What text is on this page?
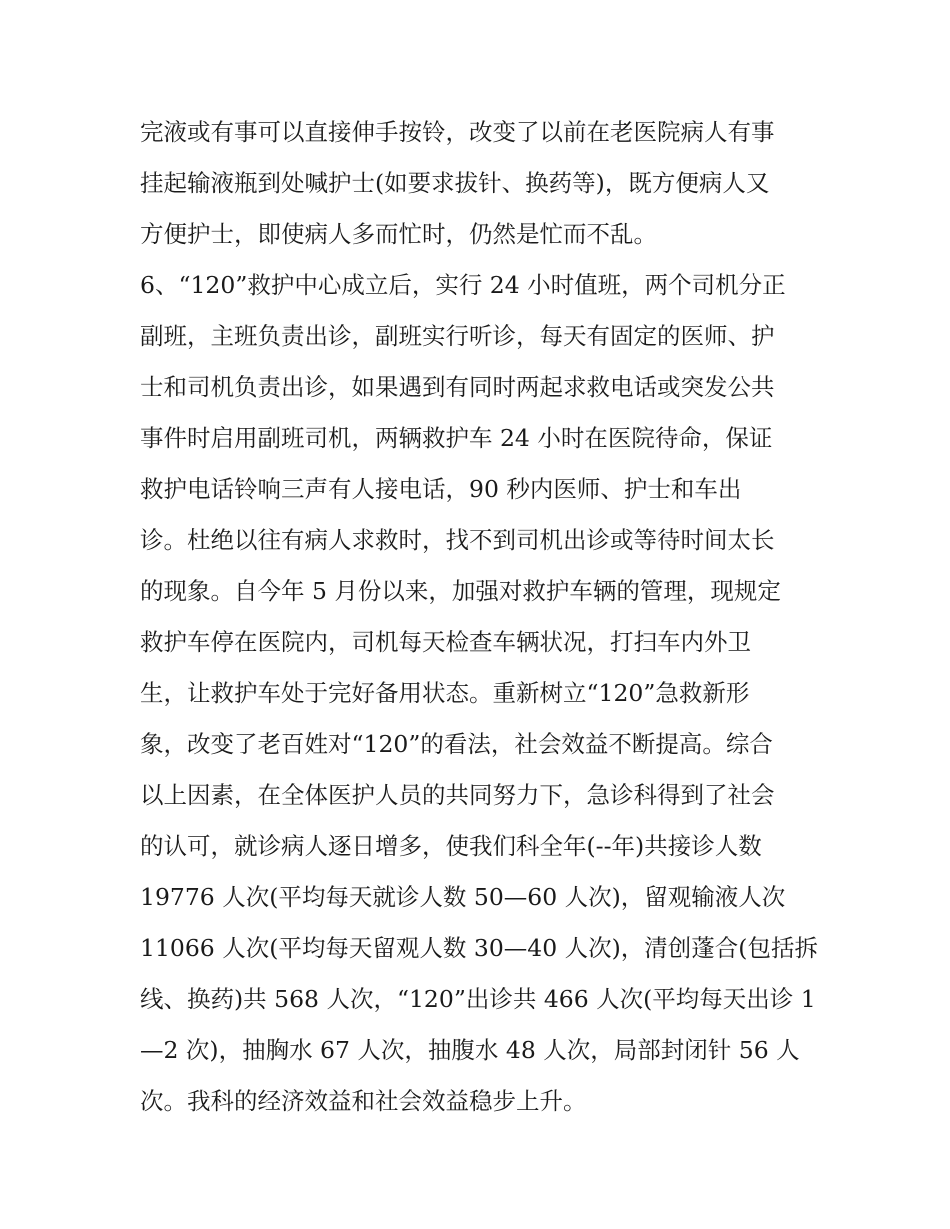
完液或有事可以直接伸手按铃，改变了以前在老医院病人有事
挂起输液瓶到处喊护士(如要求拔针、换药等)，既方便病人又
方便护士，即使病人多而忙时，仍然是忙而不乱。
6、“120”救护中心成立后，实行 24 小时值班，两个司机分正
副班，主班负责出诊，副班实行听诊，每天有固定的医师、护
士和司机负责出诊，如果遇到有同时两起求救电话或突发公共
事件时启用副班司机，两辆救护车 24 小时在医院待命，保证
救护电话铃响三声有人接电话，90 秒内医师、护士和车出
诊。杜绝以往有病人求救时，找不到司机出诊或等待时间太长
的现象。自今年 5 月份以来，加强对救护车辆的管理，现规定
救护车停在医院内，司机每天检查车辆状况，打扫车内外卫
生，让救护车处于完好备用状态。重新树立“120”急救新形
象，改变了老百姓对“120”的看法，社会效益不断提高。综合
以上因素，在全体医护人员的共同努力下，急诊科得到了社会
的认可，就诊病人逐日增多，使我们科全年(--年)共接诊人数
19776 人次(平均每天就诊人数 50—60 人次)，留观输液人次
11066 人次(平均每天留观人数 30—40 人次)，清创蓬合(包括拆
线、换药)共 568 人次，“120”出诊共 466 人次(平均每天出诊 1
—2 次)，抽胸水 67 人次，抽腹水 48 人次，局部封闭针 56 人
次。我科的经济效益和社会效益稳步上升。
